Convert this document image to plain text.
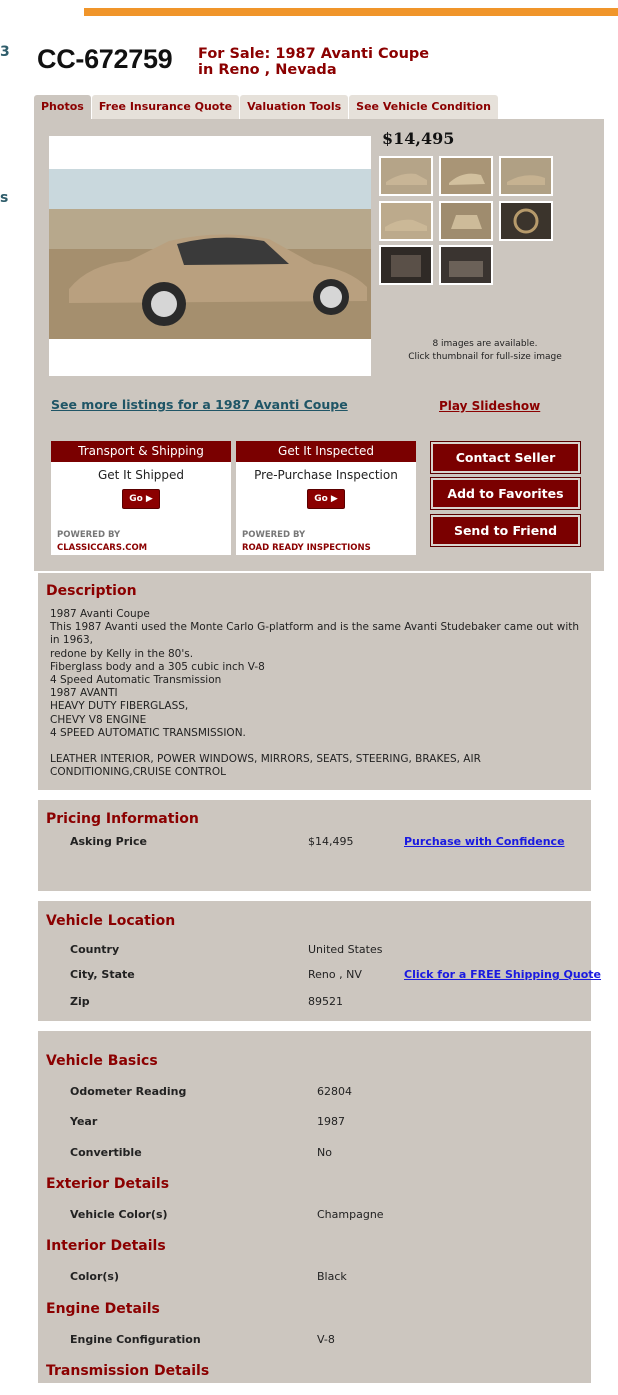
3
s
CC-672759 For Sale: 1987 Avanti Coupe
in Reno , Nevada
Photos	Free Insurance Quote	Valuation Tools	See Vehicle Condition
$14,495
8 images are available.
Click thumbnail for full-size image
See more listings for a 1987 Avanti Coupe	Play Slideshow
Transport & Shipping
Get It Shipped
Go ▶
POWERED BY
CLASSICCARS.COM
Get It Inspected
Pre-Purchase Inspection
Go ▶
POWERED BY
ROAD READY INSPECTIONS
Contact Seller
Add to Favorites
Send to Friend
Description
1987 Avanti Coupe
This 1987 Avanti used the Monte Carlo G-platform and is the same Avanti Studebaker came out with in 1963,
redone by Kelly in the 80's.
Fiberglass body and a 305 cubic inch V-8
4 Speed Automatic Transmission
1987 AVANTI
HEAVY DUTY FIBERGLASS,
CHEVY V8 ENGINE
4 SPEED AUTOMATIC TRANSMISSION.
LEATHER INTERIOR, POWER WINDOWS, MIRRORS, SEATS, STEERING, BRAKES, AIR
CONDITIONING,CRUISE CONTROL
Pricing Information
Asking Price	$14,495	Purchase with Confidence
Vehicle Location
Country	United States
City, State	Reno , NV	Click for a FREE Shipping Quote
Zip	89521
Vehicle Basics
Odometer Reading	62804
Year	1987
Convertible	No
Exterior Details
Vehicle Color(s)	Champagne
Interior Details
Color(s)	Black
Engine Details
Engine Configuration	V-8
Transmission Details
